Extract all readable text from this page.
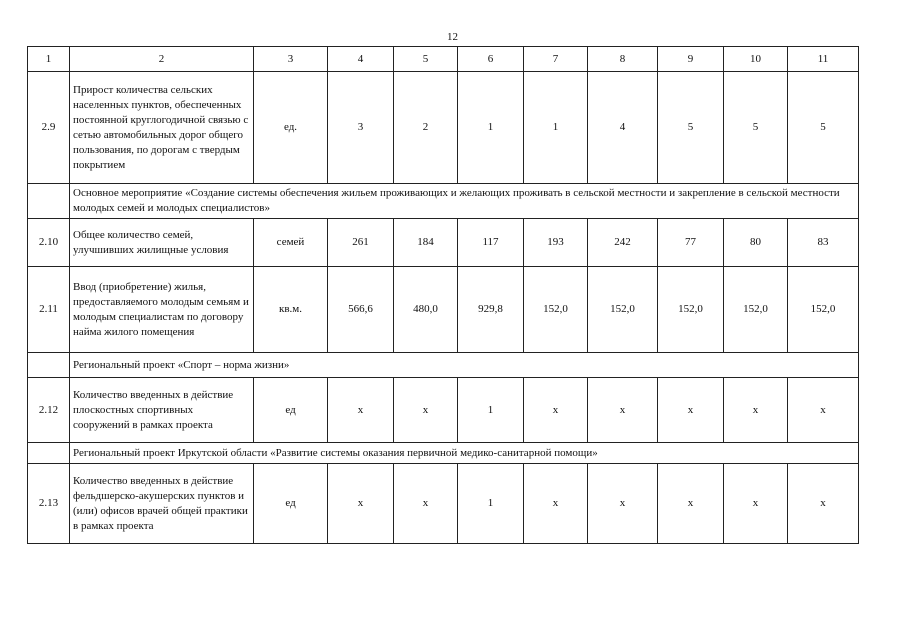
12
1	2	3	4	5	6	7	8	9	10	11
2.9	Прирост количества сельских населенных пунктов, обеспеченных постоянной круглогодичной связью с сетью автомобильных дорог общего пользования, по дорогам с твердым покрытием	ед.	3	2	1	1	4	5	5	5
	Основное мероприятие «Создание системы обеспечения жильем проживающих и желающих проживать в сельской местности и закрепление в сельской местности молодых семей и молодых специалистов»									
2.10	Общее количество семей, улучшивших жилищные условия	семей	261	184	117	193	242	77	80	83
2.11	Ввод (приобретение) жилья, предоставляемого молодым семьям и молодым специалистам по договору найма жилого помещения	кв.м.	566,6	480,0	929,8	152,0	152,0	152,0	152,0	152,0
	Региональный проект «Спорт – норма жизни»									
2.12	Количество введенных в действие плоскостных спортивных сооружений в рамках проекта	ед	х	х	1	х	х	х	х	х
	Региональный проект Иркутской области «Развитие системы оказания первичной медико-санитарной помощи»									
2.13	Количество введенных в действие фельдшерско-акушерских пунктов и (или) офисов врачей общей практики в рамках проекта	ед	х	х	1	х	х	х	х	х
